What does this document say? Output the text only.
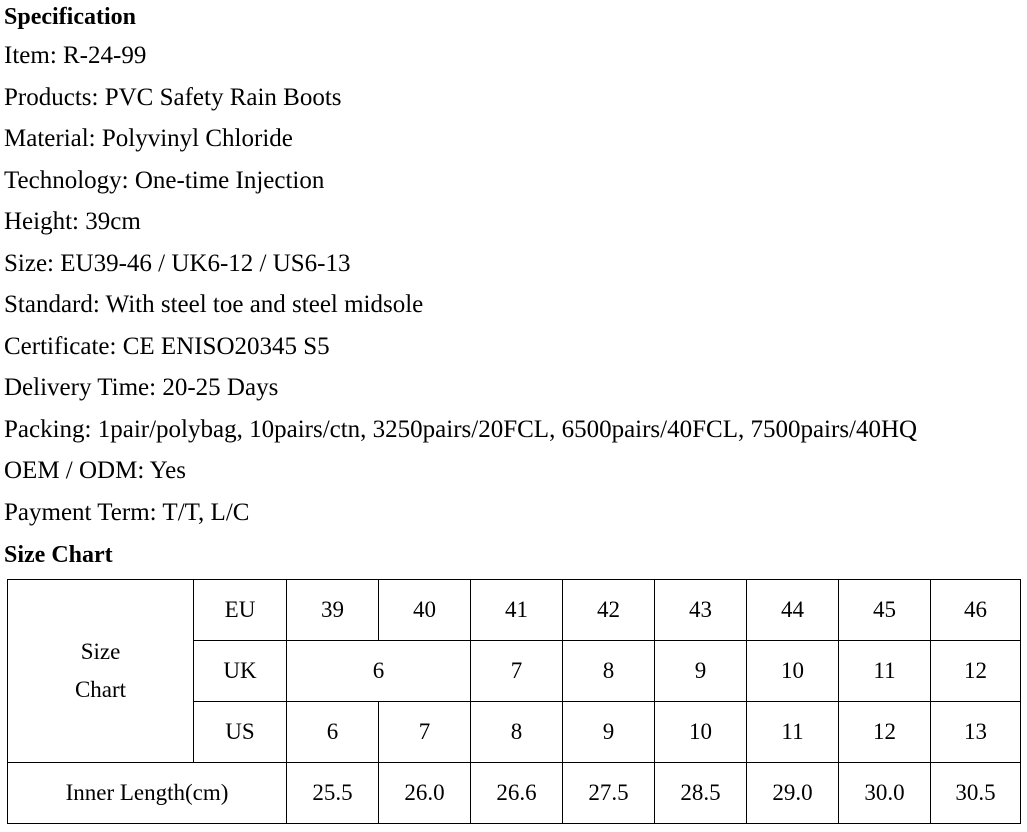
Specification
Item: R-24-99
Products: PVC Safety Rain Boots
Material: Polyvinyl Chloride
Technology: One-time Injection
Height: 39cm
Size: EU39-46 / UK6-12 / US6-13
Standard: With steel toe and steel midsole
Certificate: CE ENISO20345 S5
Delivery Time: 20-25 Days
Packing: 1pair/polybag, 10pairs/ctn, 3250pairs/20FCL, 6500pairs/40FCL, 7500pairs/40HQ
OEM / ODM: Yes
Payment Term: T/T, L/C
Size Chart
Size
Chart	EU	39	40	41	42	43	44	45	46
	UK	6		7	8	9	10	11	12
	US	6	7	8	9	10	11	12	13
Inner Length(cm)		25.5	26.0	26.6	27.5	28.5	29.0	30.0	30.5
